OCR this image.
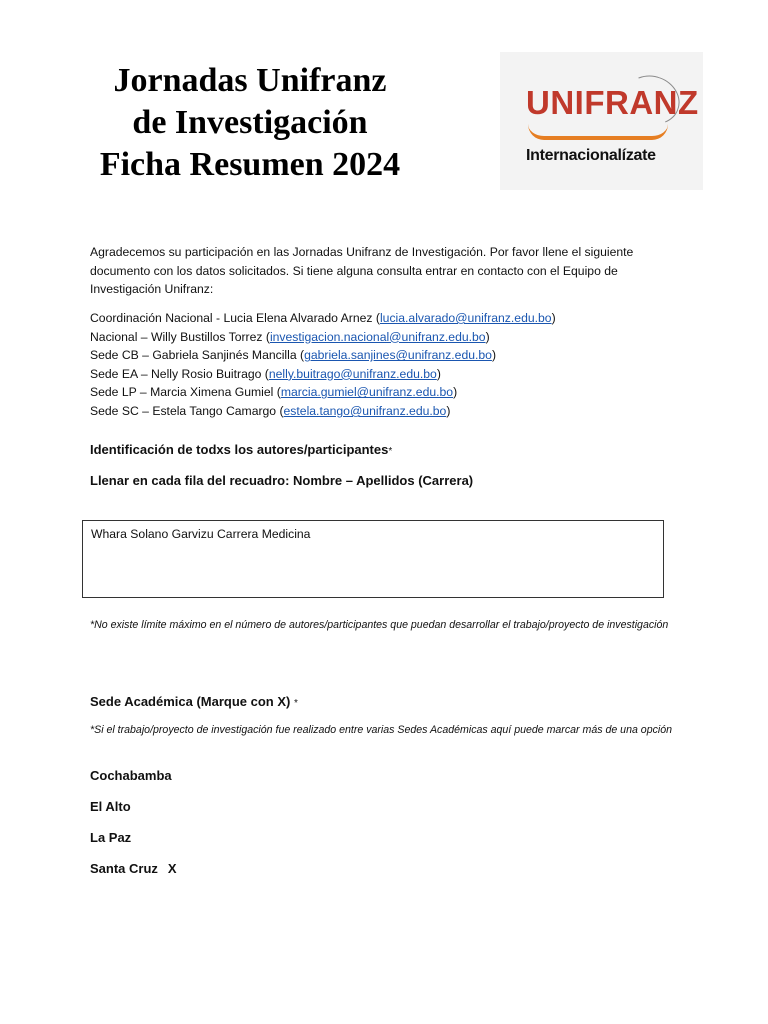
Jornadas Unifranz
de Investigación
Ficha Resumen 2024
UNIFRANZ
Internacionalízate
Agradecemos su participación en las Jornadas Unifranz de Investigación. Por favor llene el siguiente documento con los datos solicitados. Si tiene alguna consulta entrar en contacto con el Equipo de Investigación Unifranz:
Coordinación Nacional - Lucia Elena Alvarado Arnez (lucia.alvarado@unifranz.edu.bo)
Nacional – Willy Bustillos Torrez (investigacion.nacional@unifranz.edu.bo)
Sede CB – Gabriela Sanjinés Mancilla (gabriela.sanjines@unifranz.edu.bo)
Sede EA – Nelly Rosio Buitrago (nelly.buitrago@unifranz.edu.bo)
Sede LP – Marcia Ximena Gumiel (marcia.gumiel@unifranz.edu.bo)
Sede SC – Estela Tango Camargo (estela.tango@unifranz.edu.bo)
Identificación de todxs los autores/participantes*
Llenar en cada fila del recuadro: Nombre – Apellidos (Carrera)
Whara Solano Garvizu Carrera Medicina
*No existe límite máximo en el número de autores/participantes que puedan desarrollar el trabajo/proyecto de investigación
Sede Académica (Marque con X) *
*Si el trabajo/proyecto de investigación fue realizado entre varias Sedes Académicas aquí puede marcar más de una opción
Cochabamba
El Alto
La Paz
Santa Cruz X
